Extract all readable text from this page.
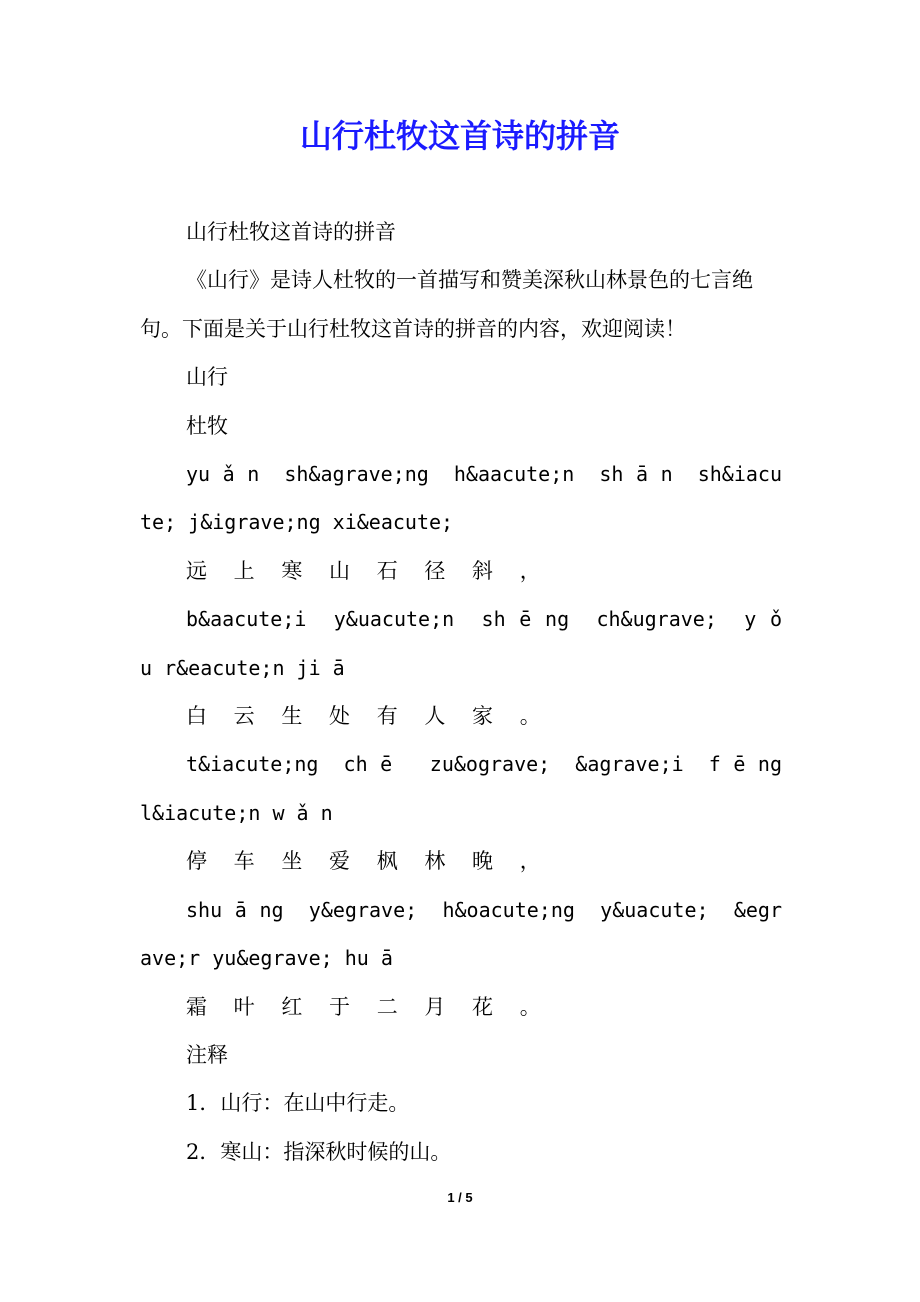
山行杜牧这首诗的拼音

山行杜牧这首诗的拼音

《山行》是诗人杜牧的一首描写和赞美深秋山林景色的七言绝句。下面是关于山行杜牧这首诗的拼音的内容，欢迎阅读！

山行

杜牧

yu ǎ n  sh&agrave;ng  h&aacute;n  sh ā n  sh&iacute; j&igrave;ng xi&eacute;

远 上 寒 山 石 径 斜 ，

b&aacute;i  y&uacute;n  sh ē ng  ch&ugrave;  y ǒ u r&eacute;n ji ā

白 云 生 处 有 人 家 。

t&iacute;ng  ch ē   zu&ograve;  &agrave;i  f ē ng l&iacute;n w ǎ n

停 车 坐 爱 枫 林 晚 ，

shu ā ng  y&egrave;  h&oacute;ng  y&uacute;  &egrave;r yu&egrave; hu ā

霜 叶 红 于 二 月 花 。

注释

1．山行：在山中行走。

2．寒山：指深秋时候的山。

1 / 5
